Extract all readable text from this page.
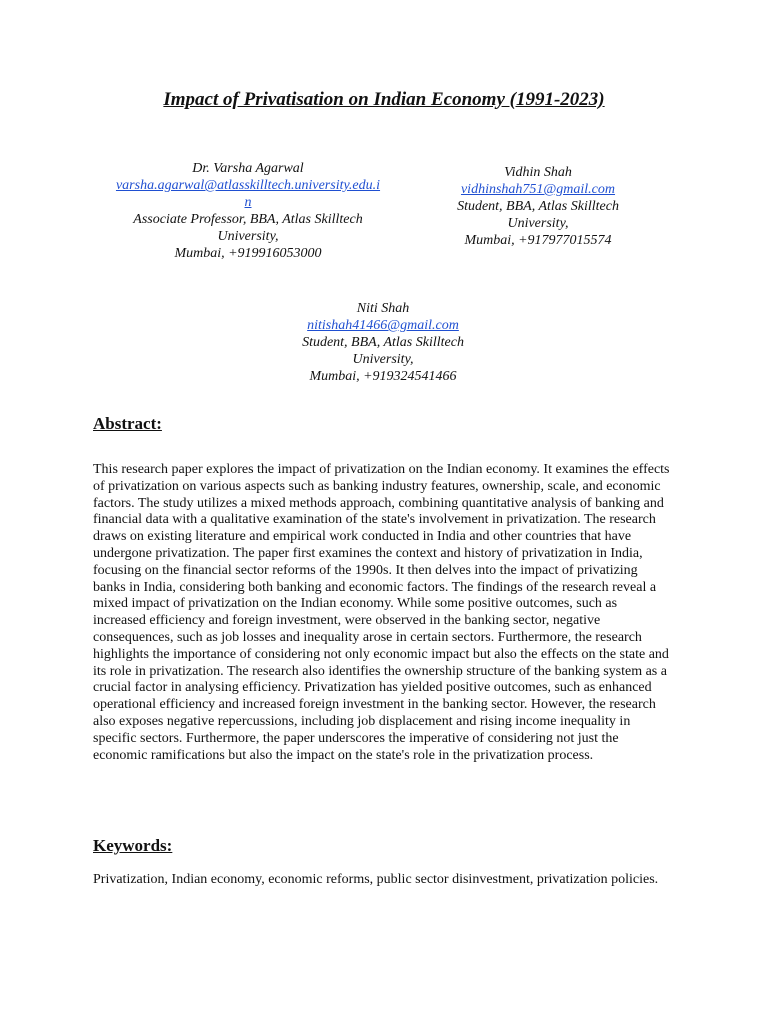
Impact of Privatisation on Indian Economy (1991-2023)
Dr. Varsha Agarwal
varsha.agarwal@atlasskilltech.university.edu.i
n
Associate Professor, BBA, Atlas Skilltech
University,
Mumbai, +919916053000
Vidhin Shah
vidhinshah751@gmail.com
Student, BBA, Atlas Skilltech
University,
Mumbai, +917977015574
Niti Shah
nitishah41466@gmail.com
Student, BBA, Atlas Skilltech
University,
Mumbai, +919324541466
Abstract:
This research paper explores the impact of privatization on the Indian economy. It examines the effects of privatization on various aspects such as banking industry features, ownership, scale, and economic factors. The study utilizes a mixed methods approach, combining quantitative analysis of banking and financial data with a qualitative examination of the state's involvement in privatization. The research draws on existing literature and empirical work conducted in India and other countries that have undergone privatization. The paper first examines the context and history of privatization in India, focusing on the financial sector reforms of the 1990s. It then delves into the impact of privatizing banks in India, considering both banking and economic factors. The findings of the research reveal a mixed impact of privatization on the Indian economy. While some positive outcomes, such as increased efficiency and foreign investment, were observed in the banking sector, negative consequences, such as job losses and inequality arose in certain sectors. Furthermore, the research highlights the importance of considering not only economic impact but also the effects on the state and its role in privatization. The research also identifies the ownership structure of the banking system as a crucial factor in analysing efficiency. Privatization has yielded positive outcomes, such as enhanced operational efficiency and increased foreign investment in the banking sector. However, the research also exposes negative repercussions, including job displacement and rising income inequality in specific sectors. Furthermore, the paper underscores the imperative of considering not just the economic ramifications but also the impact on the state's role in the privatization process.
Keywords:
Privatization, Indian economy, economic reforms, public sector disinvestment, privatization policies.
